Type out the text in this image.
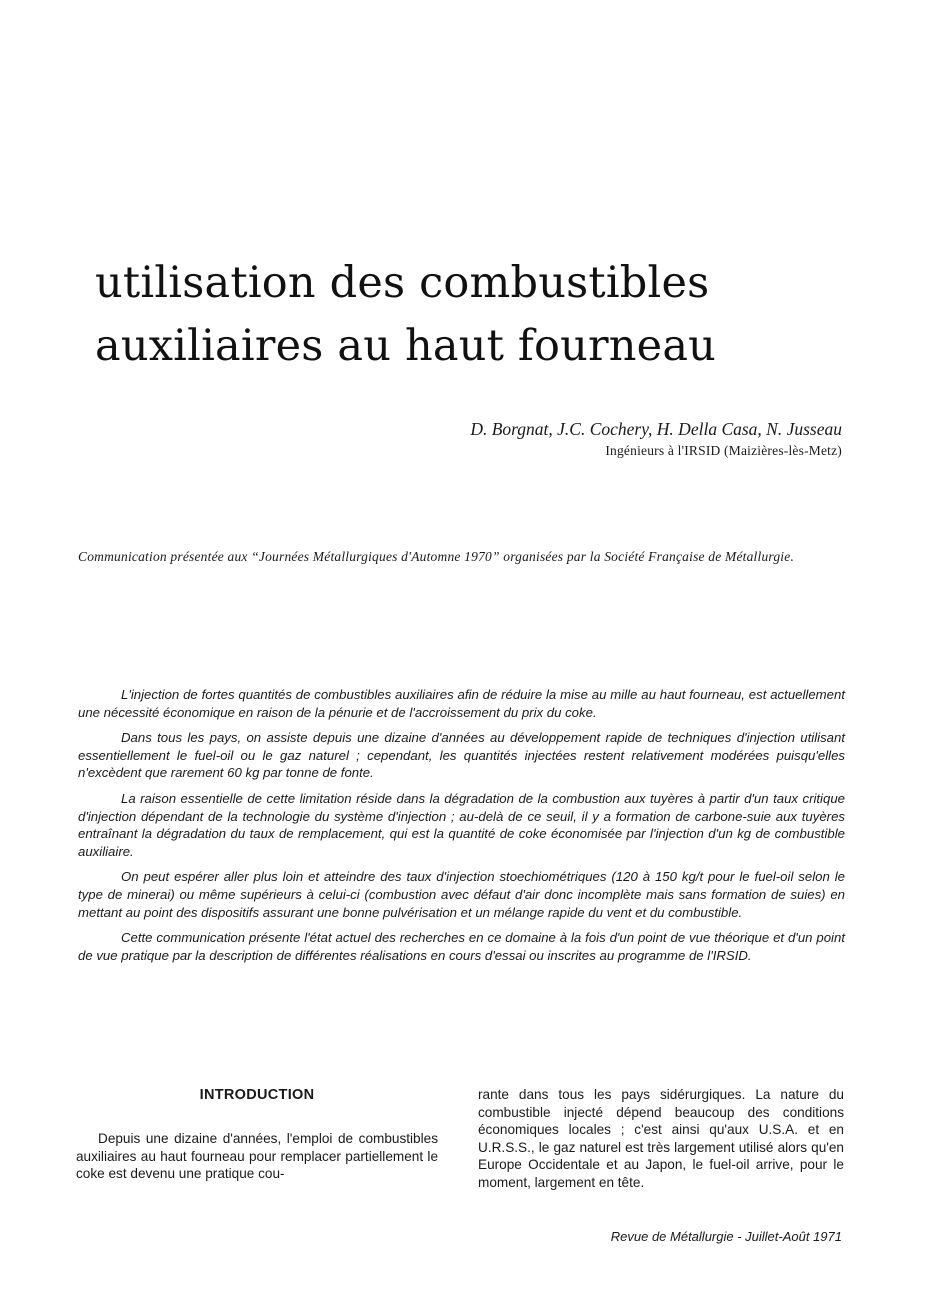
utilisation des combustibles
auxiliaires au haut fourneau
D. Borgnat, J.C. Cochery, H. Della Casa, N. Jusseau
Ingénieurs à l'IRSID (Maizières-lès-Metz)
Communication présentée aux “Journées Métallurgiques d'Automne 1970” organisées par la Société Française de Métallurgie.

L'injection de fortes quantités de combustibles auxiliaires afin de réduire la mise au mille au haut fourneau, est actuellement une nécessité économique en raison de la pénurie et de l'accroissement du prix du coke.

Dans tous les pays, on assiste depuis une dizaine d'années au développement rapide de techniques d'injection utilisant essentiellement le fuel-oil ou le gaz naturel ; cependant, les quantités injectées restent relativement modérées puisqu'elles n'excèdent que rarement 60 kg par tonne de fonte.

La raison essentielle de cette limitation réside dans la dégradation de la combustion aux tuyères à partir d'un taux critique d'injection dépendant de la technologie du système d'injection ; au-delà de ce seuil, il y a formation de carbone-suie aux tuyères entraînant la dégradation du taux de remplacement, qui est la quantité de coke économisée par l'injection d'un kg de combustible auxiliaire.

On peut espérer aller plus loin et atteindre des taux d'injection stoechiométriques (120 à 150 kg/t pour le fuel-oil selon le type de minerai) ou même supérieurs à celui-ci (combustion avec défaut d'air donc incomplète mais sans formation de suies) en mettant au point des dispositifs assurant une bonne pulvérisation et un mélange rapide du vent et du combustible.

Cette communication présente l'état actuel des recherches en ce domaine à la fois d'un point de vue théorique et d'un point de vue pratique par la description de différentes réalisations en cours d'essai ou inscrites au programme de l'IRSID.

INTRODUCTION

Depuis une dizaine d'années, l'emploi de combustibles auxiliaires au haut fourneau pour remplacer partiellement le coke est devenu une pratique cou-

rante dans tous les pays sidérurgiques. La nature du combustible injecté dépend beaucoup des conditions économiques locales ; c'est ainsi qu'aux U.S.A. et en U.R.S.S., le gaz naturel est très largement utilisé alors qu'en Europe Occidentale et au Japon, le fuel-oil arrive, pour le moment, largement en tête.

Revue de Métallurgie - Juillet-Août 1971
